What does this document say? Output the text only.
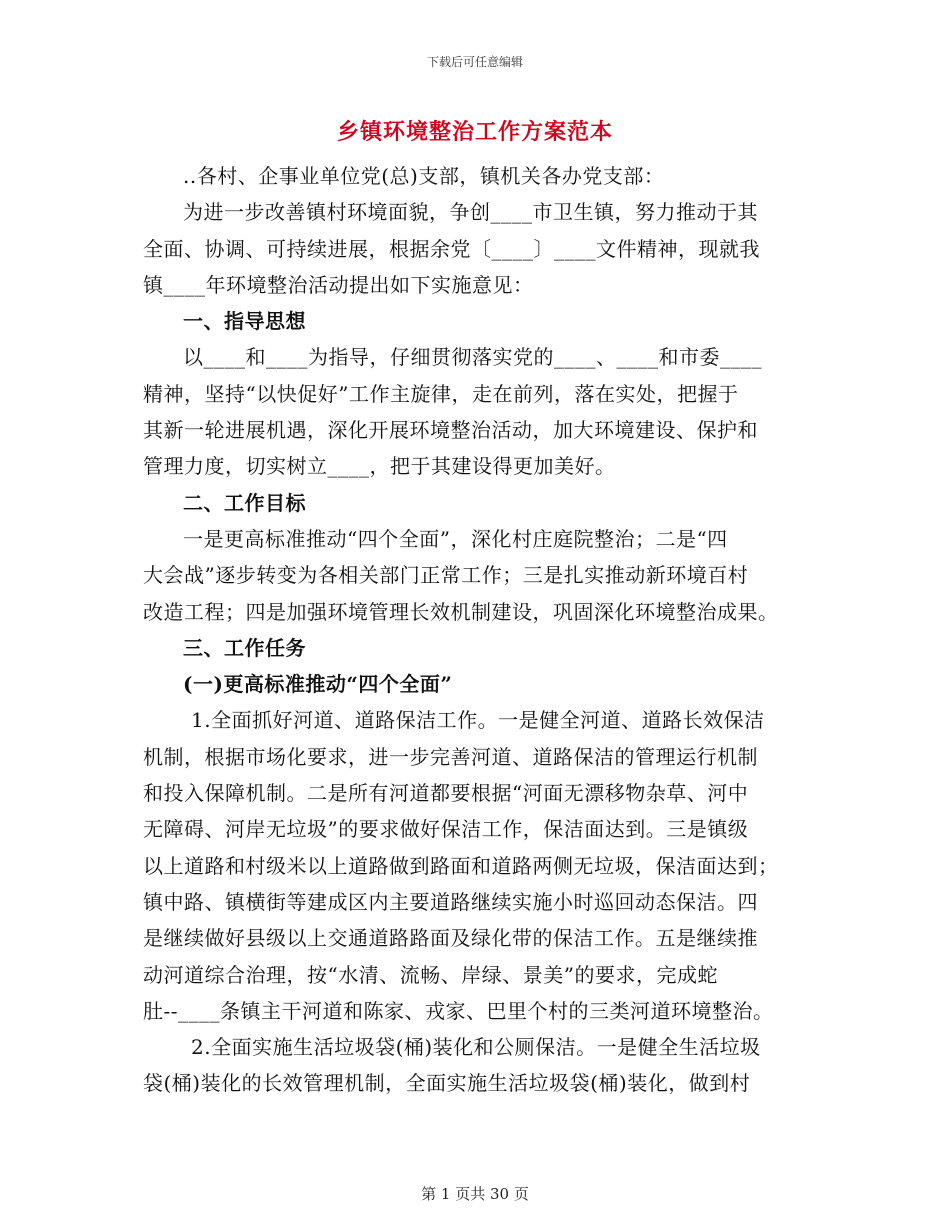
下载后可任意编辑
乡镇环境整治工作方案范本
..各村、企事业单位党(总)支部，镇机关各办党支部：
为进一步改善镇村环境面貌，争创____市卫生镇，努力推动于其
全面、协调、可持续进展，根据余党〔____〕____文件精神，现就我
镇____年环境整治活动提出如下实施意见：
一、指导思想
以____和____为指导，仔细贯彻落实党的____、____和市委____
精神，坚持“以快促好”工作主旋律，走在前列，落在实处，把握于
其新一轮进展机遇，深化开展环境整治活动，加大环境建设、保护和
管理力度，切实树立____，把于其建设得更加美好。
二、工作目标
一是更高标准推动“四个全面”，深化村庄庭院整治；二是“四
大会战”逐步转变为各相关部门正常工作；三是扎实推动新环境百村
改造工程；四是加强环境管理长效机制建设，巩固深化环境整治成果。
三、工作任务
(一)更高标准推动“四个全面”
1.全面抓好河道、道路保洁工作。一是健全河道、道路长效保洁
机制，根据市场化要求，进一步完善河道、道路保洁的管理运行机制
和投入保障机制。二是所有河道都要根据“河面无漂移物杂草、河中
无障碍、河岸无垃圾”的要求做好保洁工作，保洁面达到。三是镇级
以上道路和村级米以上道路做到路面和道路两侧无垃圾，保洁面达到；
镇中路、镇横街等建成区内主要道路继续实施小时巡回动态保洁。四
是继续做好县级以上交通道路路面及绿化带的保洁工作。五是继续推
动河道综合治理，按“水清、流畅、岸绿、景美”的要求，完成蛇
肚--____条镇主干河道和陈家、戎家、巴里个村的三类河道环境整治。
2.全面实施生活垃圾袋(桶)装化和公厕保洁。一是健全生活垃圾
袋(桶)装化的长效管理机制，全面实施生活垃圾袋(桶)装化，做到村
第 1 页共 30 页
